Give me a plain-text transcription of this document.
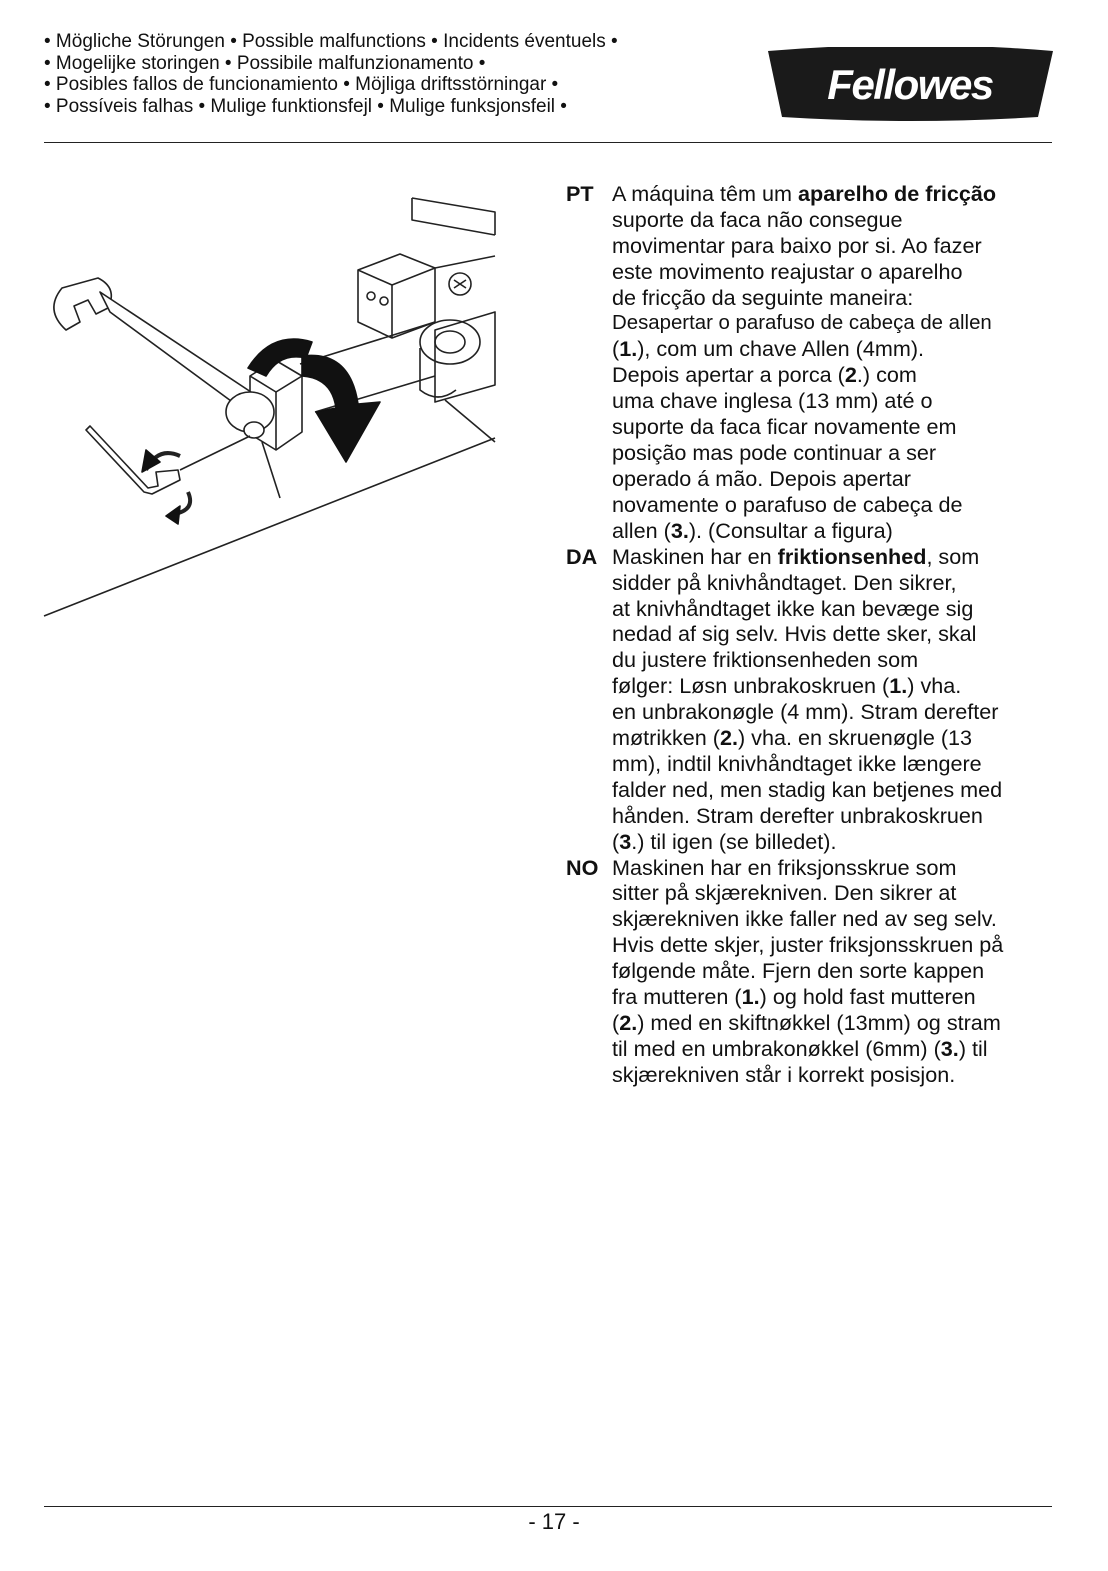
• Mögliche Störungen • Possible malfunctions • Incidents éventuels •
• Mogelijke storingen • Possibile malfunzionamento •
• Posibles fallos de funcionamiento • Möjliga driftsstörningar •
• Possíveis falhas • Mulige funktionsfejl • Mulige funksjonsfeil •	Fellowes
PT A máquina têm um aparelho de fricção
suporte da faca não consegue
movimentar para baixo por si. Ao fazer
este movimento reajustar o aparelho
de fricção da seguinte maneira:
Desapertar o parafuso de cabeça de allen
(1.), com um chave Allen (4mm).
Depois apertar a porca (2.) com
uma chave inglesa (13 mm) até o
suporte da faca ficar novamente em
posição mas pode continuar a ser
operado á mão. Depois apertar
novamente o parafuso de cabeça de
allen (3.). (Consultar a figura)
DA Maskinen har en friktionsenhed, som
sidder på knivhåndtaget. Den sikrer,
at knivhåndtaget ikke kan bevæge sig
nedad af sig selv. Hvis dette sker, skal
du justere friktionsenheden som
følger: Løsn unbrakoskruen (1.) vha.
en unbrakonøgle (4 mm). Stram derefter
møtrikken (2.) vha. en skruenøgle (13
mm), indtil knivhåndtaget ikke længere
falder ned, men stadig kan betjenes med
hånden. Stram derefter unbrakoskruen
(3.) til igen (se billedet).
NO Maskinen har en friksjonsskrue som
sitter på skjærekniven. Den sikrer at
skjærekniven ikke faller ned av seg selv.
Hvis dette skjer, juster friksjonsskruen på
følgende måte. Fjern den sorte kappen
fra mutteren (1.) og hold fast mutteren
(2.) med en skiftnøkkel (13mm) og stram
til med en umbrakonøkkel (6mm) (3.) til
skjærekniven står i korrekt posisjon.
- 17 -
